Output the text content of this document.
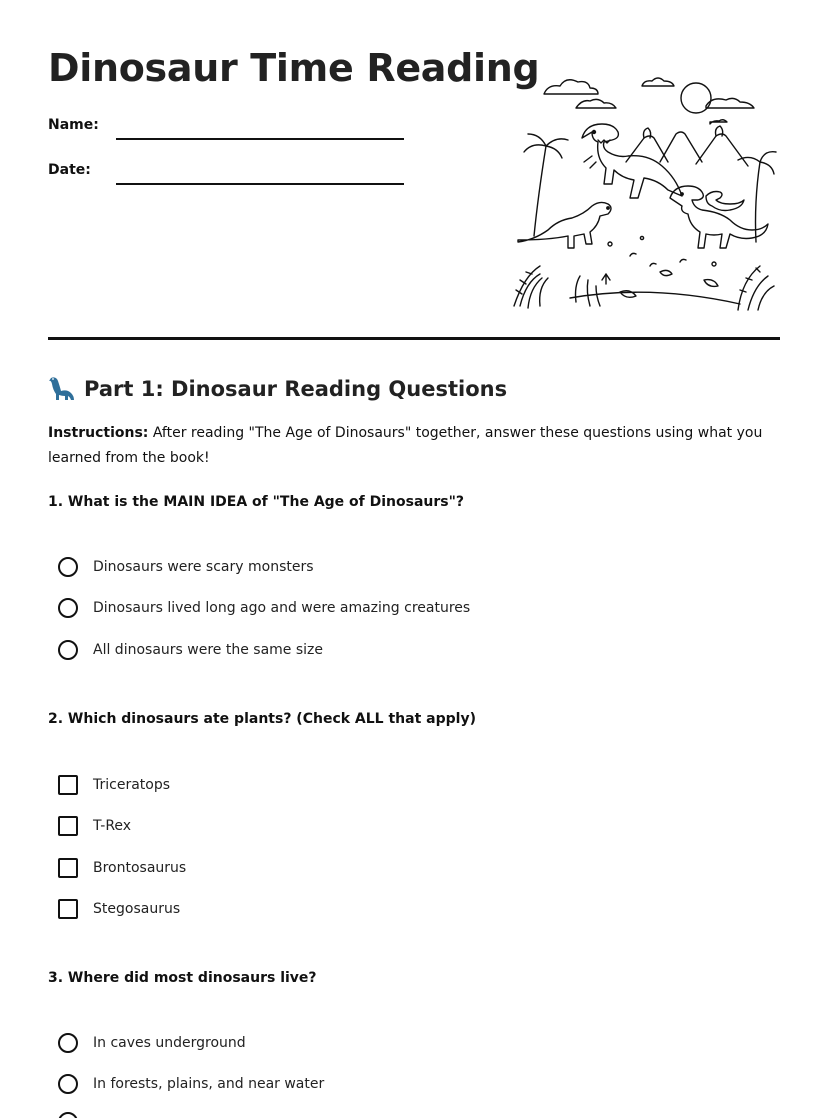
Dinosaur Time Reading
Name:
Date:
Part 1: Dinosaur Reading Questions
Instructions: After reading "The Age of Dinosaurs" together, answer these questions using what you learned from the book!
1. What is the MAIN IDEA of "The Age of Dinosaurs"?
Dinosaurs were scary monsters
Dinosaurs lived long ago and were amazing creatures
All dinosaurs were the same size
2. Which dinosaurs ate plants? (Check ALL that apply)
Triceratops
T-Rex
Brontosaurus
Stegosaurus
3. Where did most dinosaurs live?
In caves underground
In forests, plains, and near water
